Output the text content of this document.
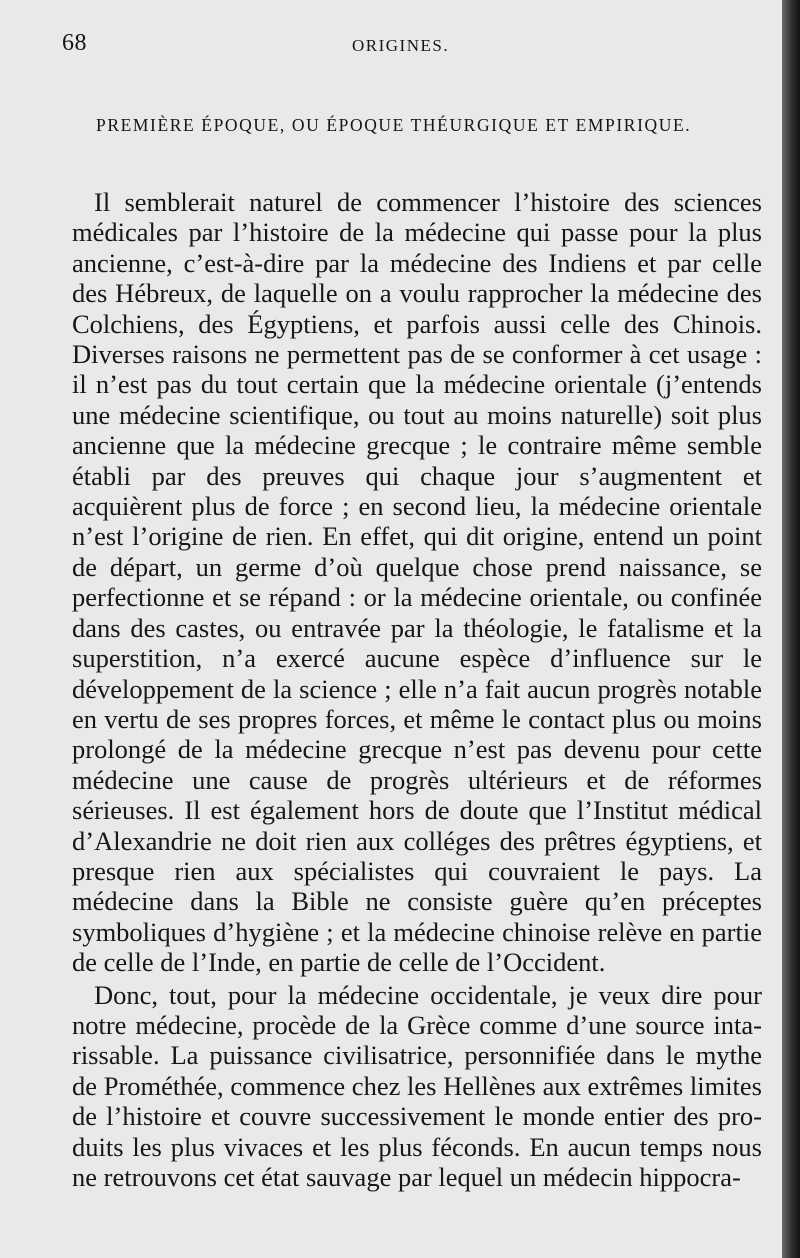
68	ORIGINES.
PREMIÈRE ÉPOQUE, OU ÉPOQUE THÉURGIQUE ET EMPIRIQUE.

Il semblerait naturel de commencer l’histoire des sciences médicales par l’histoire de la médecine qui passe pour la plus ancienne, c’est-à-dire par la médecine des Indiens et par celle des Hébreux, de laquelle on a voulu rapprocher la médecine des Colchiens, des Égyptiens, et parfois aussi celle des Chinois. Diverses raisons ne permettent pas de se conformer à cet usage : il n’est pas du tout certain que la médecine orientale (j’entends une médecine scientifique, ou tout au moins naturelle) soit plus ancienne que la médecine grecque ; le contraire même semble établi par des preuves qui chaque jour s’augmentent et acquièrent plus de force ; en second lieu, la médecine orientale n’est l’origine de rien. En effet, qui dit origine, entend un point de départ, un germe d’où quelque chose prend naissance, se perfectionne et se répand : or la médecine orientale, ou confinée dans des castes, ou entravée par la théologie, le fatalisme et la superstition, n’a exercé aucune espèce d’influence sur le développement de la science ; elle n’a fait aucun progrès notable en vertu de ses propres forces, et même le contact plus ou moins prolongé de la médecine grecque n’est pas devenu pour cette médecine une cause de progrès ultérieurs et de réformes sérieuses. Il est également hors de doute que l’Institut médical d’Alexandrie ne doit rien aux colléges des prêtres égyptiens, et presque rien aux spécialistes qui couvraient le pays. La médecine dans la Bible ne consiste guère qu’en préceptes symboliques d’hygiène ; et la médecine chinoise relève en partie de celle de l’Inde, en partie de celle de l’Occident.

Donc, tout, pour la médecine occidentale, je veux dire pour notre médecine, procède de la Grèce comme d’une source intarissable. La puissance civilisatrice, personnifiée dans le mythe de Prométhée, commence chez les Hellènes aux extrêmes limites de l’histoire et couvre successivement le monde entier des produits les plus vivaces et les plus féconds. En aucun temps nous ne retrouvons cet état sauvage par lequel un médecin hippocra-
